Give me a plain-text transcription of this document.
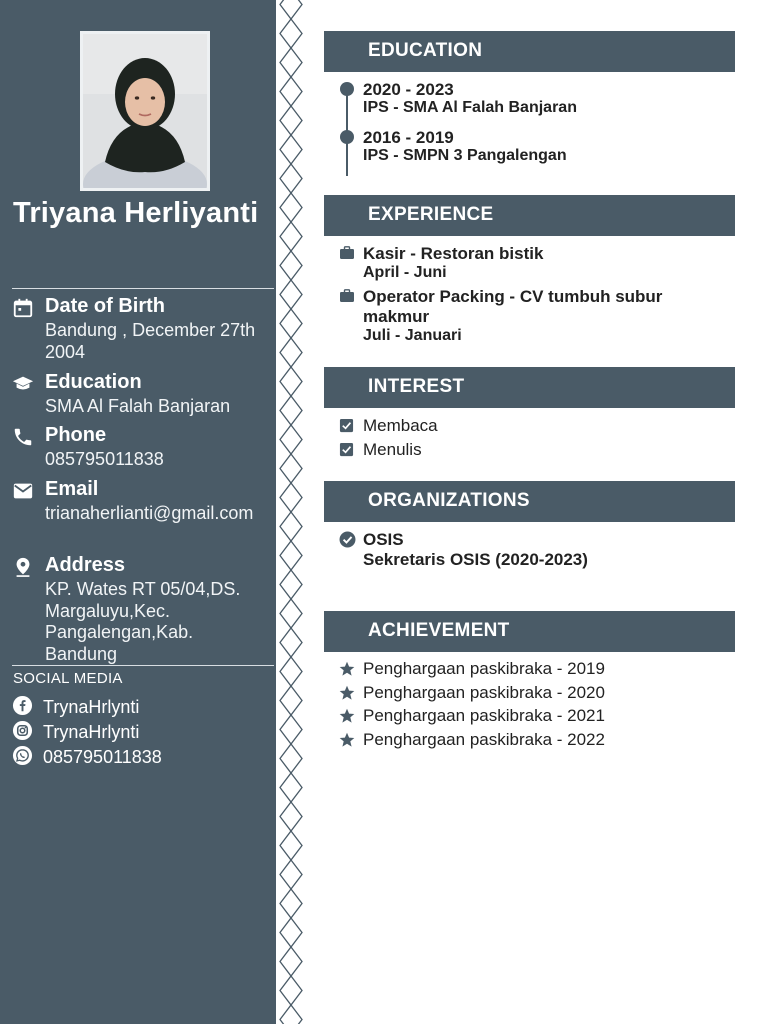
Triyana Herliyanti
Date of Birth
Bandung , December 27th 2004
Education
SMA Al Falah Banjaran
Phone
085795011838
Email
trianaherlianti@gmail.com
Address
KP. Wates RT 05/04,DS. Margaluyu,Kec. Pangalengan,Kab. Bandung
SOCIAL MEDIA
TrynaHrlynti
TrynaHrlynti
085795011838
EDUCATION
2020 - 2023
IPS - SMA Al Falah Banjaran
2016 - 2019
IPS - SMPN 3 Pangalengan
EXPERIENCE
Kasir - Restoran bistik
April - Juni
Operator Packing - CV tumbuh subur
makmur
Juli - Januari
INTEREST
Membaca
Menulis
ORGANIZATIONS
OSIS
Sekretaris OSIS (2020-2023)
ACHIEVEMENT
Penghargaan paskibraka - 2019
Penghargaan paskibraka - 2020
Penghargaan paskibraka - 2021
Penghargaan paskibraka - 2022
